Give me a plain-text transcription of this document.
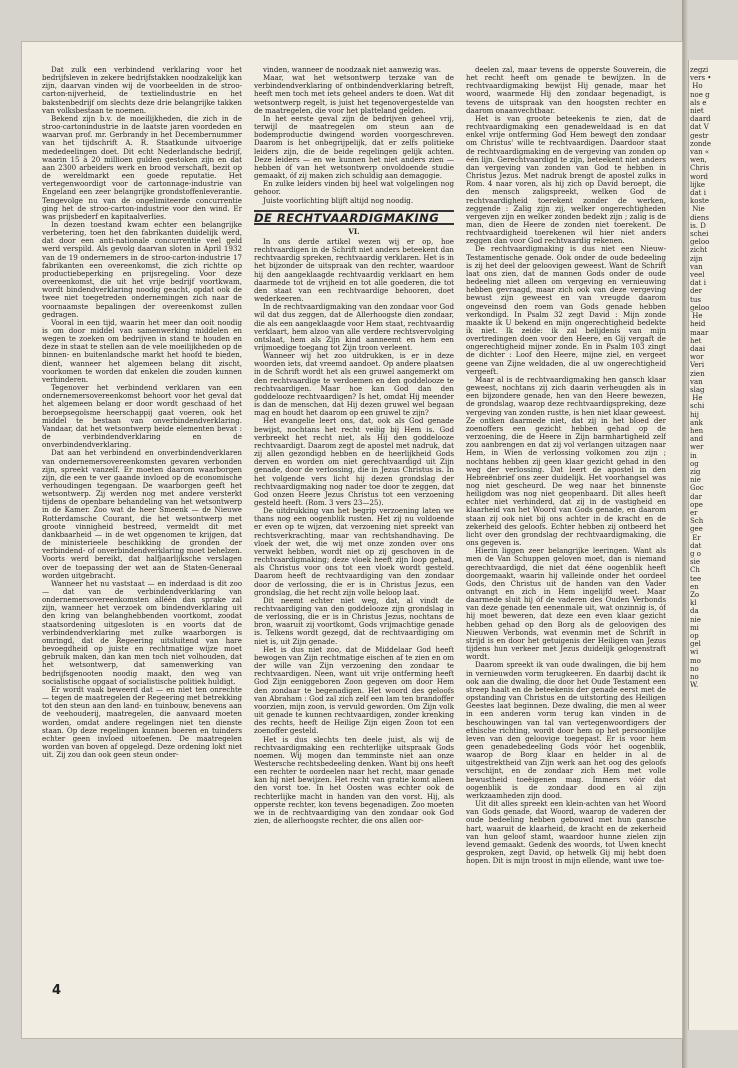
Dat zulk een verbindend verklaring voor het bedrijfsleven in zekere bedrijfstakken noodzakelijk kan zijn, daarvan vinden wij de voorbeelden in de stroo-carton-nijverheid, de textielindustrie en het bakstenbedrijf om slechts deze drie belangrijke takken van volksbestaan te noemen.

Bekend zijn b.v. de moeilijkheden, die zich in de stroo-cartonindustrie in de laatste jaren voordeden en waarvan prof. mr. Gerbrandy in het Decembernummer van het tijdschrift A. R. Staatkunde uitvoerige mededeelingen doet. Dit echt Nederlandsche bedrijf, waarin 15 à 20 millioen gulden gestoken zijn en dat aan 2300 arbeiders werk en brood verschaft, bezit op de wereldmarkt een goede reputatie. Het vertegenwoordigt voor de cartonnage-industrie van Engeland een zeer belangrijke grondstoffenleverantie. Tengevolge nu van de ongelimiteerde concurrentie ging het de stroo-carton-industrie voor den wind. Er was prijsbederf en kapitaalverlies.

In dezen toestand kwam echter een belangrijke verbetering, toen het den fabrikanten duidelijk werd, dat door een anti-nationale concurrentie veel geld werd verspild. Als gevolg daarvan sloten in April 1932 van de 19 ondernemers in de stroo-carton-industrie 17 fabrikanten een overeenkomst, die zich richtte op productiebeperking en prijsregeling. Voor deze overeenkomst, die uit het vrije bedrijf voortkwam, wordt bindendverklaring noodig geacht, opdat ook de twee niet toegetreden ondernemingen zich naar de voornaamste bepalingen der overeenkomst zullen gedragen.

Vooral in een tijd, waarin het meer dan ooit noodig is om door middel van samenwerking middelen en wegen te zoeken om bedrijven in stand te houden en deze in staat te stellen aan de vele moeilijkheden op de binnen- en buitenlandsche markt het hoofd te bieden, dient, wanneer het algemeen belang dit zischt, voorkomen te worden dat enkelen die zouden kunnen verhinderen.

Tegenover het verbindend verklaren van een ondernemersovereenkomst behoort voor het geval dat het algemeen belang er door wordt geschaad of het beroepsegoïsme heerschappij gaat voeren, ook het middel te bestaan van onverbindendverklaring. Vandaar, dat het wetsontwerp beide elementen bevat : de verbindendverklaring en de onverbindendverklaring.

Dat aan het verbindend en onverbindendverklaren van ondernemersovereenkomsten gevaren verbonden zijn, spreekt vanzelf. Er moeten daarom waarborgen zijn, die een te ver gaande invloed op de economische verhoudingen tegengaan. De waarborgen geeft het wetsontwerp. Zij werden nog met andere versterkt tijdens de openbare behandeling van het wetsontwerp in de Kamer. Zoo wat de heer Smeenk — de Nieuwe Rotterdamsche Courant, die het wetsontwerp met groote vinnigheid bestreed, vermeldt dit met dankbaarheid — in de wet opgenomen te krijgen, dat de ministerieele beschikking de gronden der verbindend- of onverbindendverklaring moet behelzen. Voorts werd bereikt, dat halfjaarlijksche verslagen over de toepassing der wet aan de Staten-Generaal worden uitgebracht.

Wanneer het nu vaststaat — en inderdaad is dit zoo — dat van de verbindendverklaring van ondernemersovereenkomsten alléén dan sprake zal zijn, wanneer het verzoek om bindendverklaring uit den kring van belanghebbenden voortkomt, zoodat staatsordening uitgesloten is en voorts dat de verbindendverklaring met zulke waarborgen is omringd, dat de Regeering uitsluitend van hare bevoegdheid op juiste en rechtmatige wijze moet gebruik maken, dan kan men toch niet volhouden, dat het wetsontwerp, dat samenwerking van bedrijfsgenooten noodig maakt, den weg van socialistische opgaat of socialistische politiek huldigt.

Er wordt vaak beweerd dat — en niet ten onrechte — tegen de maatregelen der Regeering met betrekking tot den steun aan den land- en tuinbouw, benevens aan de veehouderij, maatregelen, die aanvaard moeten worden, omdat andere regelingen niet ten dienste staan. Op deze regelingen kunnen boeren en tuinders echter geen invloed uitoefenen. De maatregelen worden van boven af opgelegd. Deze ordening lokt niet uit. Zij zou dan ook geen steun onder-

vinden, wanneer de noodzaak niet aanwezig was.

Maar, wat het wetsontwerp terzake van de verbindendverklaring of ontbindendverklaring betreft, heeft men toch met iets geheel anders te doen. Wat dit wetsontwerp regelt, is juist het tegenovergestelde van de maatregelen, die voor het platteland gelden.

In het eerste geval zijn de bedrijven geheel vrij, terwijl de maatregelen om steun aan de bodemproductie dwingend worden voorgeschreven. Daarom is het onbegrijpelijk, dat er zelfs politieke leiders zijn, die de beide regelingen gelijk achten. Deze leiders — en we kunnen het niet anders zien — hebben óf van het wetsontwerp onvoldoende studie gemaakt, óf zij maken zich schuldig aan demagogie.

En zulke leiders vinden bij heel wat volgelingen nog gehoor.

Juiste voorlichting blijft altijd nog noodig.

DE RECHTVAARDIGMAKING
VI.

In ons derde artikel wezen wij er op, hoe rechtvaardigen in de Schrift niet anders beteekent dan rechtvaardig spreken, rechtvaardig verklaren. Het is in het bijzonder de uitspraak van den rechter, waardoor hij den aangeklaagde rechtvaardig verklaart en hem daarmede tot de vrijheid en tot alle goederen, die tot den staat van een rechtvaardige behooren, doet wederkeeren.

In de rechtvaardigmaking van den zondaar voor God wil dat dus zeggen, dat de Allerhoogste dien zondaar, die als een aangeklaagde voor Hem staat, rechtvaardig verklaart, hem alzoo van alle verdere rechtsvervolging ontslaat, hem als Zijn kind aanneemt en hem een vrijmoedige toegang tot Zijn troon verleent.

Wanneer wij het zoo uitdrukken, is er in deze woorden iets, dat vreemd aandoet. Op andere plaatsen in de Schrift wordt het als een gruwel aangemerkt om den rechtvaardige te verdoemen en den goddelooze te rechtvaardigen. Maar hoe kan God dan den goddelooze rechtvaardigen? Is het, omdat Hij meender is dan de menschen, dat Hij dezen gruwel wel begaan mag en houdt het daarom op een gruwel te zijn?

Het evangelie leert ons, dat, ook als God genade bewijst, nochtans het recht veilig bij Hem is. God verbreekt het recht niet, als Hij den goddelooze rechtvaardigt. Daarom zegt de apostel met nadruk, dat zij allen gezondigd hebben en de heerlijkheid Gods derven en worden om niet gerechtvaardigd uit Zijn genade, door de verlossing, die in Jezus Christus is. In het volgende vers licht hij dezen grondslag der rechtvaardigmaking nog nader toe door te zeggen, dat God onzen Heere Jezus Christus tot een verzoening gesteld heeft. (Rom. 3 vers 23—25).

De uitdrukking van het begrip verzoening laten we thans nog een oogenblik rusten. Het zij nu voldoende er even op te wijzen, dat verzoening niet spreekt van rechtsverkrachting, maar van rechtshandhaving. De vloek der wet, die wij met onze zonden over ons verwekt hebben, wordt niet op zij geschoven in de rechtvaardigmaking; deze vloek heeft zijn loop gehad, als Christus voor ons tot een vloek wordt gesteld. Daarom heeft de rechtvaardiging van den zondaar door de verlossing, die er is in Christus Jezus, een grondslag, die het recht zijn volle beloop laat.

Dit neemt echter niet weg, dat, al vindt de rechtvaardiging van den goddelooze zijn grondslag in de verlossing, die er is in Christus Jezus, nochtans de bron, waaruit zij voortkomt, Gods vrijmachtige genade is. Telkens wordt gezegd, dat de rechtvaardiging om niet is, uit Zijn genade.

Het is dus niet zoo, dat de Middelaar God heeft bewogen van Zijn rechtmatige eischen af te zien en om der wille van Zijn verzoening den zondaar te rechtvaardigen. Neen, want uit vrije ontferming heeft God Zijn eeniggeboren Zoon gegeven om door Hem den zondaar te begenadigen. Het woord des geloofs van Abraham : God zal zich zelf een lam ten brandoffer voorzien, mijn zoon, is vervuld geworden. Om Zijn volk uit genade te kunnen rechtvaardigen, zonder krenking des rechts, heeft de Heilige Zijn eigen Zoon tot een zoenoffer gesteld.

Het is dus slechts ten deele juist, als wij de rechtvaardigmaking een rechterlijke uitspraak Gods noemen. Wij mogen dan temminste niet aan onze Westersche rechtsbedeeling denken. Want bij ons heeft een rechter te oordeelen naar het recht, maar genade kan hij niet bewijzen. Het recht van gratie komt alleen den vorst toe. In het Oosten was echter ook de rechterlijke macht in handen van den vorst. Hij, als opperste rechter, kon tevens begenadigen. Zoo moeten we in de rechtvaardiging van den zondaar ook God zien, de allerhoogste rechter, die ons allen oor-

deelen zal, maar tevens de opperste Souverein, die het recht heeft om genade te bewijzen. In de rechtvaardigmaking bewijst Hij genade, maar het woord, waarmede Hij den zondaar begenadigt, is tevens de uitspraak van den hoogsten rechter en daarom onaanvechtbaar.

Het is van groote beteekenis te zien, dat de rechtvaardigmaking een genadeweldaad is en dat enkel vrije ontferming God Hem bewegt den zondaar om Christus' wille te rechtvaardigen. Daardoor staat de rechtvaardigmaking en de vergeving van zonden op één lijn. Gerechtvaardigd te zijn, beteekent niet anders dan vergeving van zonden van God te hebben in Christus Jezus. Met nadruk brengt de apostel zulks in Rom. 4 naar voren, als hij zich op David beroept, die den mensch zaligspreekt, welken God de rechtvaardigheid toerekent zonder de werken, zeggende : Zalig zijn zij, welker ongerechtigheden vergeven zijn en welker zonden bedekt zijn ; zalig is de man, dien de Heere de zonden niet toerekent. De rechtvaardigheid toerekenen wil hier niet anders zeggen dan voor God rechtvaardig rekenen.

De rechtvaardigmaking is dus niet een Nieuw-Testamentische genade. Ook onder de oude bedeeling is zij het deel der geloovigen geweest. Want de Schrift laat ons zien, dat de mannen Gods onder de oude bedeeling niet alleen om vergeving en vernieuwing hebben gevraagd, maar zich ook van deze vergeving bewust zijn geweest en van vreugde daarom ongeveinsd den roem van Gods genade hebben verkondigd. In Psalm 32 zegt David : Mijn zonde maakte ik U bekend en mijn ongerechtigheid bedekte ik niet. Ik zeide: ik zal belijdenis van mijn overtredingen doen voor den Heere, en Gij vergaft de ongerechtigheid mijner zonde. En in Psalm 103 zingt de dichter : Loof den Heere, mijne ziel, en vergeet geene van Zijne weldaden, die al uw ongerechtigheid vergeeft.

Maar al is de rechtvaardigmaking hen gansch klaar geweest, nochtans zij zich daarin verheugden als in een bijzondere genade, hen van den Heere bewezen, de grondslag, waarop deze rechtvaardigspreking, deze vergeving van zonden rustte, is hen niet klaar geweest. Ze ontken daarmede niet, dat zij in het bloed der zoenoffers een gezicht hebben gehad op de verzoening, die de Heere in Zijn barmhartigheid zelf zou aanbrengen en dat zij vol verlangen uitzagen naar Hem, in Wien de verlossing volkomen zou zijn ; nochtans hebben zij geen klaar gezicht gehad in den weg der verlossing. Dat leert de apostel in den Hebreënbrief ons zeer duidelijk. Het voorhangsel was nog niet gescheurd. De weg naar het binnenste heiligdom was nog niet geopenbaard. Dit alles heeft echter niet verhinderd, dat zij in de vastigheid en klaarheid van het Woord van Gods genade, en daarom staan zij ook niet bij ons achter in de kracht en de zekerheid des geloofs. Echter hebben zij ontbeerd het licht over den grondslag der rechtvaardigmaking, die ons gegeven is.

Hierin liggen zeer belangrijke leeringen. Want als men de Van Schuppen geloven moet, dan is niemand gerechtvaardigd, die niet dat ééne oogenblik heeft doorgemaakt, waarin hij valleinde onder het oordeel Gods, den Christus uit de handen van den Vader ontvangt en zich in Hem ingelijfd weet. Maar daarmede sluit hij óf de vaderen des Ouden Verbonds van deze genade ten eenenmale uit, wat onzinnig is, óf hij moet beweren, dat deze een even klaar gezicht hebben gehad op den Borg als de geloovigen des Nieuwen Verbonds, wat evenmin met de Schrift in strijd is en door het getuigenis der Heiligen van Jezus tijdens hun verkeer met Jezus duidelijk gelogenstraft wordt.

Daarom spreekt ik van oude dwalingen, die bij hem in vernieuwden vorm terugkeeren. En daarbij dacht ik ook aan die dwaling, die door het Oude Testament een streep haalt en de beteekenis der genade eerst met de opstanding van Christus en de uitstorting des Heiligen Geestes laat beginnen. Deze dwaling, die men al weer in een anderen vorm terug kan vinden in de beschouwingen van tal van vertegenwoordigers der ethische richting, wordt door hem op het persoonlijke leven van den geloovige toegepast. Er is voor hem geen genadebedeeling Gods vóór het oogenblik, waarop de Borg klaar en helder in al de uitgestrektheid van Zijn werk aan het oog des geloofs verschijnt, en de zondaar zich Hem met volle bewustheid toeëigenen mag. Immers vóór dat oogenblik is de zondaar dood en al zijn werkzaamheden zijn dood.

Uit dit alles spreekt een klein-achten van het Woord van Gods genade, dat Woord, waarop de vaderen der oude bedeeling hebben gebouwd met hun gansche hart, waaruit de klaarheid, de kracht en de zekerheid van hun geloof stamt, waardoor hunne zielen zijn levend gemaakt. Gedenk des woords, tot Uwen knecht gesproken, zegt David, op hetwelk Gij mij hebt doen hopen. Dit is mijn troost in mijn ellende, want uwe toe-

4
zegzi
vers •
Ho
noe g
als e
niet
daard
dat V
gestr
zonde
van «
wen,
Chris
word
lijke
dat i
koste
Nie
diens
is. D
schei
geloo
zicht
zijn
van
veel
dat i
der
tus
geloo
He
heid
maar
het
daai
wor
Veri
zien
van
slag
He
schi
hij
ank
hen
and
wer
in
og
zig
nie
Goc
dar
ope
er
Sch
gee
Er
dat
g o
sie
Ch
tee
en
Zo
kl
da
nie
mi
op
gel
wi
mo
no
no
W.
